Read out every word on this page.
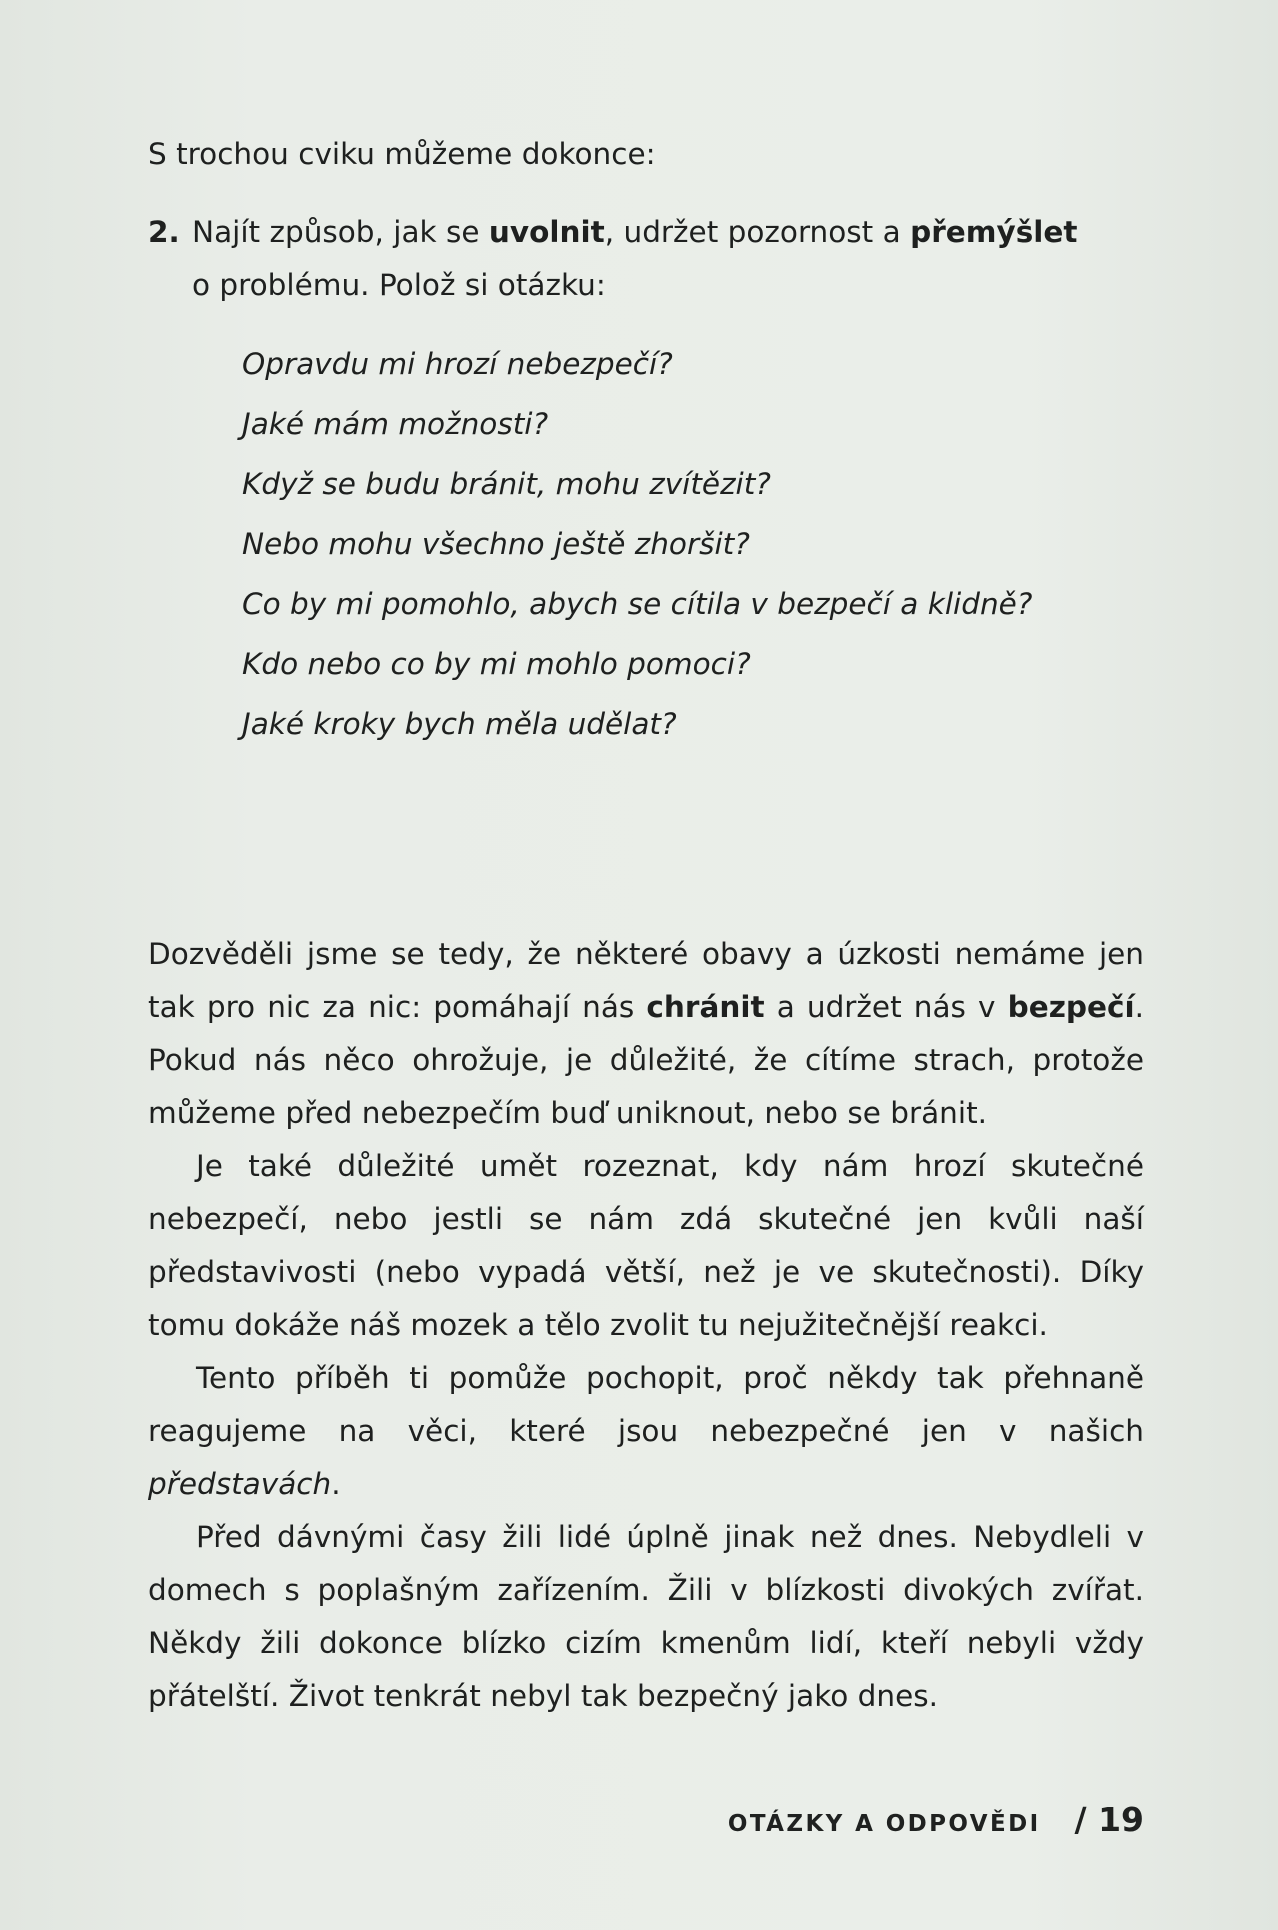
S trochou cviku můžeme dokonce:

2. Najít způsob, jak se uvolnit, udržet pozornost a přemýšlet
o problému. Polož si otázku:
Opravdu mi hrozí nebezpečí?
Jaké mám možnosti?
Když se budu bránit, mohu zvítězit?
Nebo mohu všechno ještě zhoršit?
Co by mi pomohlo, abych se cítila v bezpečí a klidně?
Kdo nebo co by mi mohlo pomoci?
Jaké kroky bych měla udělat?

Dozvěděli jsme se tedy, že některé obavy a úzkosti nemáme jen tak pro nic za nic: pomáhají nás chránit a udržet nás v bezpečí. Pokud nás něco ohrožuje, je důležité, že cítíme strach, protože můžeme před nebezpečím buď uniknout, nebo se bránit.

Je také důležité umět rozeznat, kdy nám hrozí skutečné nebezpečí, nebo jestli se nám zdá skutečné jen kvůli naší představivosti (nebo vypadá větší, než je ve skutečnosti). Díky tomu dokáže náš mozek a tělo zvolit tu nejužitečnější reakci.

Tento příběh ti pomůže pochopit, proč někdy tak přehnaně reagujeme na věci, které jsou nebezpečné jen v našich představách.

Před dávnými časy žili lidé úplně jinak než dnes. Nebydleli v domech s poplašným zařízením. Žili v blízkosti divokých zvířat. Někdy žili dokonce blízko cizím kmenům lidí, kteří nebyli vždy přátelští. Život tenkrát nebyl tak bezpečný jako dnes.

OTÁZKY A ODPOVĚDI / 19
